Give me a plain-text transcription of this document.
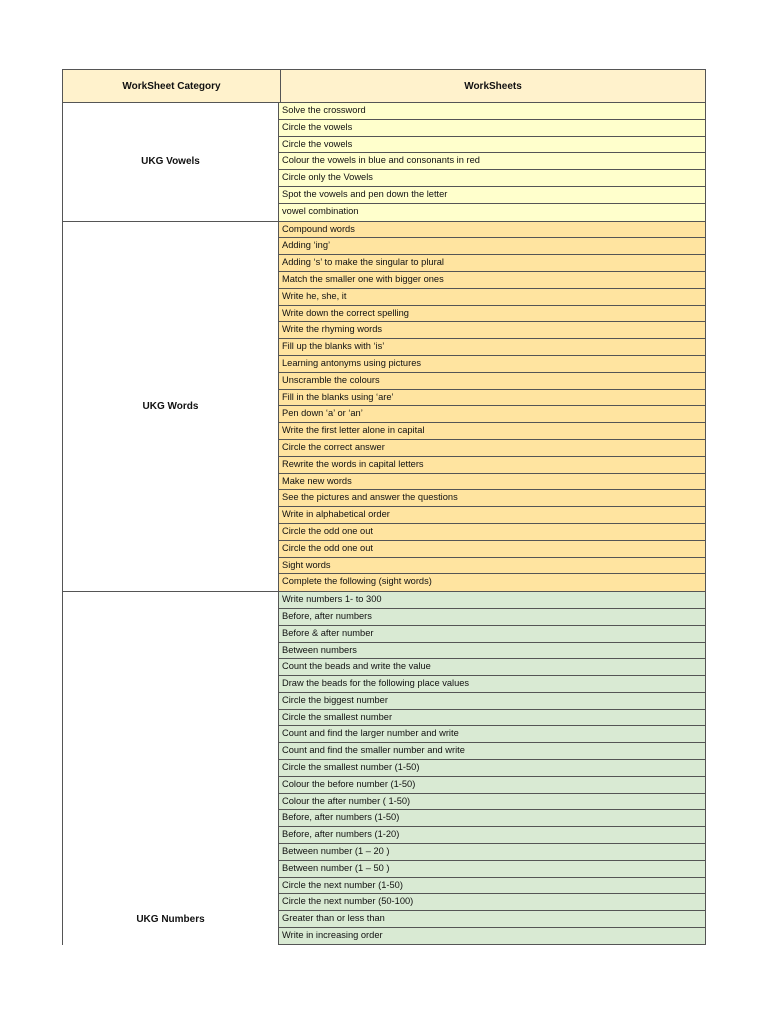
WorkSheet Category	WorkSheets
UKG Vowels
Solve the crossword
Circle the vowels
Circle the vowels
Colour the vowels in blue and consonants in red
Circle only the Vowels
Spot the vowels and pen down the letter
vowel combination
UKG Words
Compound words
Adding ‘ing’
Adding ‘s’ to make the singular to plural
Match the smaller one with bigger ones
Write he, she, it
Write down the correct spelling
Write the rhyming words
Fill up the blanks with ‘is’
Learning antonyms using pictures
Unscramble the colours
Fill in the blanks using ‘are’
Pen down ‘a’ or ‘an’
Write the first letter alone in capital
Circle the correct answer
Rewrite the words in capital letters
Make new words
See the pictures and answer the questions
Write in alphabetical order
Circle the odd one out
Circle the odd one out
Sight words
Complete the following (sight words)
UKG Numbers
Write numbers 1- to 300
Before, after numbers
Before & after number
Between numbers
Count the beads and write the value
Draw the beads for the following place values
Circle the biggest number
Circle the smallest number
Count and find the larger number and write
Count and find the smaller number and write
Circle the smallest number (1-50)
Colour the before number (1-50)
Colour the after number ( 1-50)
Before, after numbers (1-50)
Before, after numbers (1-20)
Between number (1 – 20 )
Between number (1 – 50 )
Circle the next number (1-50)
Circle the next number (50-100)
Greater than or less than
Write in increasing order
